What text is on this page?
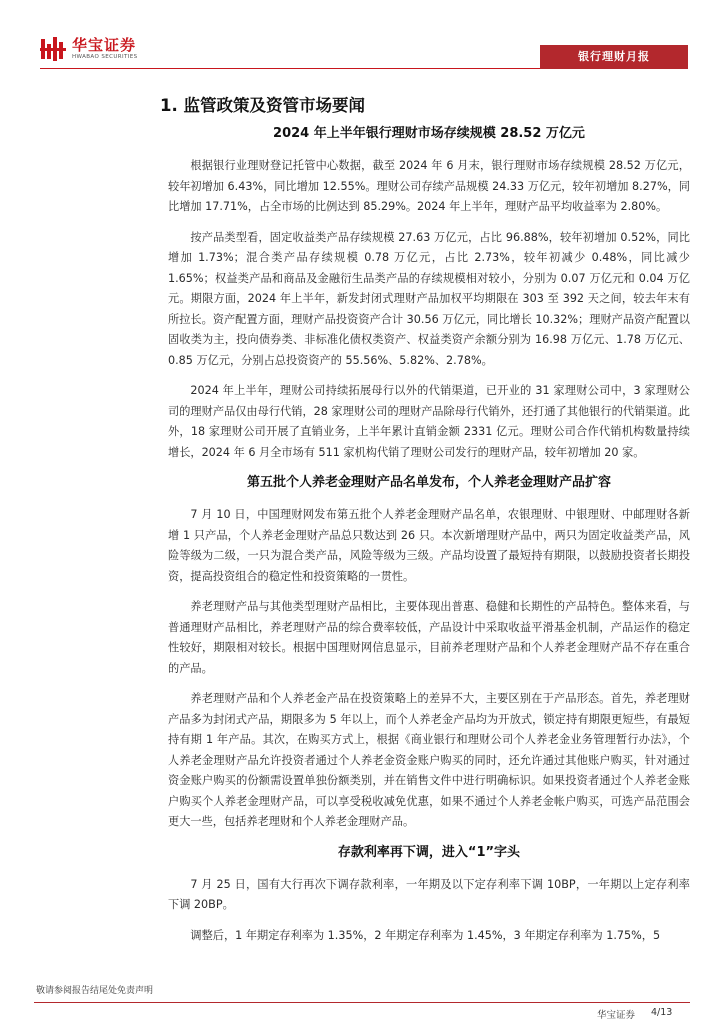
华宝证券
HWABAO SECURITIES	银行理财月报
1. 监管政策及资管市场要闻
2024 年上半年银行理财市场存续规模 28.52 万亿元
根据银行业理财登记托管中心数据，截至 2024 年 6 月末，银行理财市场存续规模 28.52 万亿元，较年初增加 6.43%，同比增加 12.55%。理财公司存续产品规模 24.33 万亿元，较年初增加 8.27%，同比增加 17.71%，占全市场的比例达到 85.29%。2024 年上半年，理财产品平均收益率为 2.80%。
按产品类型看，固定收益类产品存续规模 27.63 万亿元，占比 96.88%，较年初增加 0.52%，同比增加 1.73%；混合类产品存续规模 0.78 万亿元，占比 2.73%，较年初减少 0.48%，同比减少 1.65%；权益类产品和商品及金融衍生品类产品的存续规模相对较小，分别为 0.07 万亿元和 0.04 万亿元。期限方面，2024 年上半年，新发封闭式理财产品加权平均期限在 303 至 392 天之间，较去年末有所拉长。资产配置方面，理财产品投资资产合计 30.56 万亿元，同比增长 10.32%；理财产品资产配置以固收类为主，投向债券类、非标准化债权类资产、权益类资产余额分别为 16.98 万亿元、1.78 万亿元、0.85 万亿元，分别占总投资资产的 55.56%、5.82%、2.78%。
2024 年上半年，理财公司持续拓展母行以外的代销渠道，已开业的 31 家理财公司中，3 家理财公司的理财产品仅由母行代销，28 家理财公司的理财产品除母行代销外，还打通了其他银行的代销渠道。此外，18 家理财公司开展了直销业务，上半年累计直销金额 2331 亿元。理财公司合作代销机构数量持续增长，2024 年 6 月全市场有 511 家机构代销了理财公司发行的理财产品，较年初增加 20 家。
第五批个人养老金理财产品名单发布，个人养老金理财产品扩容
7 月 10 日，中国理财网发布第五批个人养老金理财产品名单，农银理财、中银理财、中邮理财各新增 1 只产品，个人养老金理财产品总只数达到 26 只。本次新增理财产品中，两只为固定收益类产品，风险等级为二级，一只为混合类产品，风险等级为三级。产品均设置了最短持有期限，以鼓励投资者长期投资，提高投资组合的稳定性和投资策略的一贯性。
养老理财产品与其他类型理财产品相比，主要体现出普惠、稳健和长期性的产品特色。整体来看，与普通理财产品相比，养老理财产品的综合费率较低，产品设计中采取收益平滑基金机制，产品运作的稳定性较好，期限相对较长。根据中国理财网信息显示，目前养老理财产品和个人养老金理财产品不存在重合的产品。
养老理财产品和个人养老金产品在投资策略上的差异不大，主要区别在于产品形态。首先，养老理财产品多为封闭式产品，期限多为 5 年以上，而个人养老金产品均为开放式，锁定持有期限更短些，有最短持有期 1 年产品。其次，在购买方式上，根据《商业银行和理财公司个人养老金业务管理暂行办法》，个人养老金理财产品允许投资者通过个人养老金资金账户购买的同时，还允许通过其他账户购买，针对通过资金账户购买的份额需设置单独份额类别，并在销售文件中进行明确标识。如果投资者通过个人养老金账户购买个人养老金理财产品，可以享受税收减免优惠，如果不通过个人养老金帐户购买，可选产品范围会更大一些，包括养老理财和个人养老金理财产品。
存款利率再下调，进入“1”字头
7 月 25 日，国有大行再次下调存款利率，一年期及以下定存利率下调 10BP，一年期以上定存利率下调 20BP。
调整后，1 年期定存利率为 1.35%，2 年期定存利率为 1.45%，3 年期定存利率为 1.75%，5
敬请参阅报告结尾处免责声明
华宝证券 4/13
